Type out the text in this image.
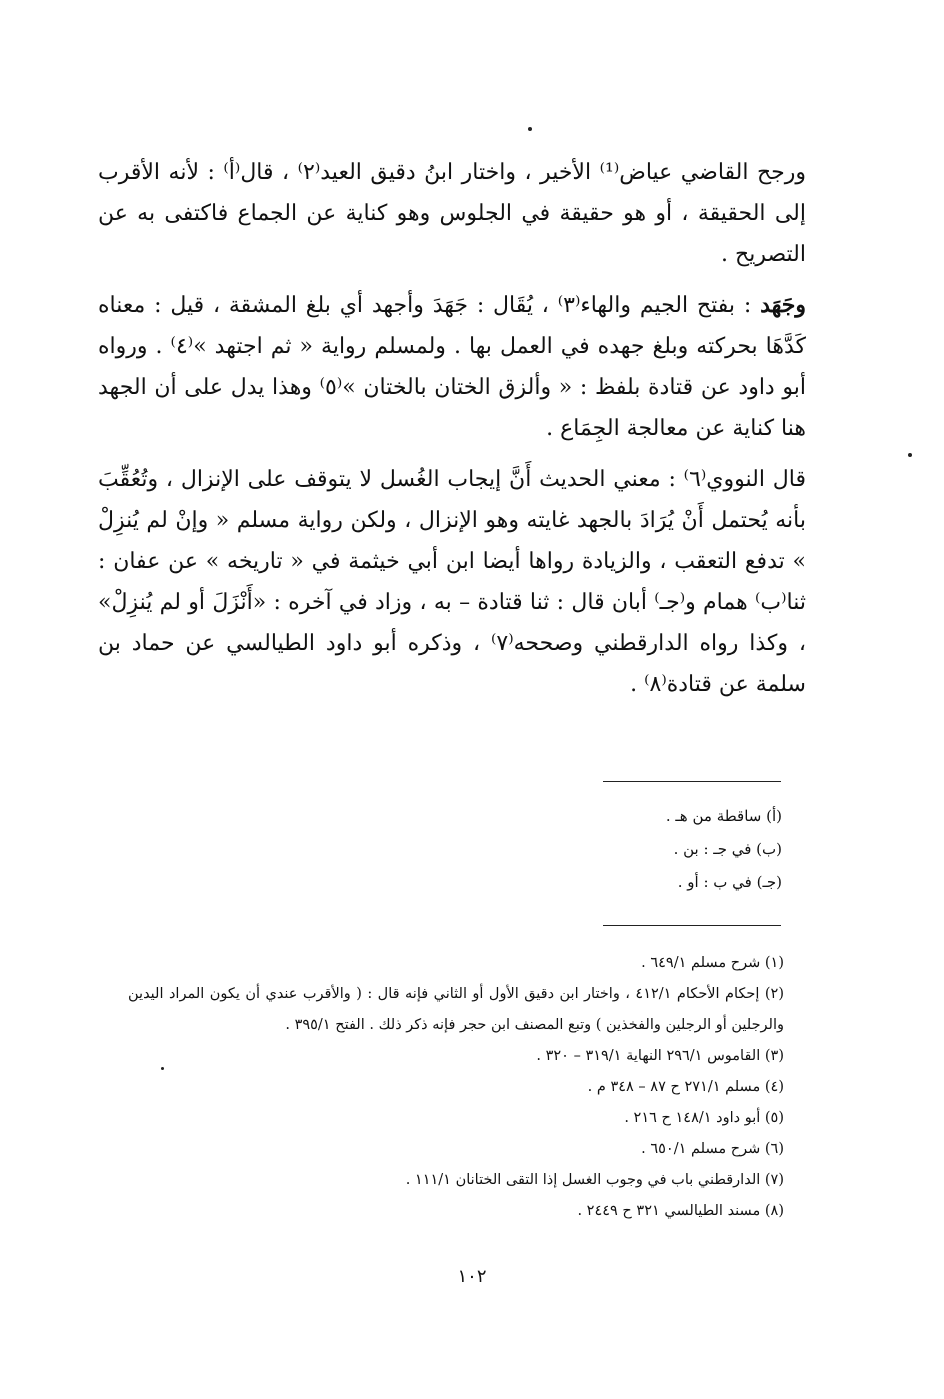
ورجح القاضي عياض⁽¹⁾ الأخير ، واختار ابنُ دقيق العيد⁽٢⁾ ، قال⁽أ⁾ : لأنه الأقرب إلى الحقيقة ، أو هو حقيقة في الجلوس وهو كناية عن الجماع فاكتفى به عن التصريح .

وجَهَد : بفتح الجيم والهاء⁽٣⁾ ، يُقَال : جَهَدَ وأجهد أي بلغ المشقة ، قيل : معناه كَدَّهَا بحركته وبلغ جهده في العمل بها . ولمسلم رواية « ثم اجتهد »⁽٤⁾ . ورواه أبو داود عن قتادة بلفظ : « وألزق الختان بالختان »⁽٥⁾ وهذا يدل على أن الجهد هنا كناية عن معالجة الجِمَاع .

قال النووي⁽٦⁾ : معني الحديث أَنَّ إيجاب الغُسل لا يتوقف على الإنزال ، وتُعُقِّبَ بأنه يُحتمل أَنْ يُرَادَ بالجهد غايته وهو الإنزال ، ولكن رواية مسلم « وإنْ لم يُنزِلْ » تدفع التعقب ، والزيادة رواها أيضا ابن أبي خيثمة في « تاريخه » عن عفان : ثنا⁽ب⁾ همام و⁽جـ⁾ أبان قال : ثنا قتادة – به ، وزاد في آخره : «أَنْزَلَ أو لم يُنزِلْ» ، وكذا رواه الدارقطني وصححه⁽٧⁾ ، وذكره أبو داود الطيالسي عن حماد بن سلمة عن قتادة⁽٨⁾ .

(أ) ساقطة من هـ .
(ب) في جـ : بن .
(جـ) في ب : أو .
(١) شرح مسلم ٦٤٩/١ .
(٢) إحكام الأحكام ٤١٢/١ ، واختار ابن دقيق الأول أو الثاني فإنه قال : ( والأقرب عندي أن يكون المراد اليدين والرجلين أو الرجلين والفخذين ) وتبع المصنف ابن حجر فإنه ذكر ذلك . الفتح ٣٩٥/١ .
(٣) القاموس ٢٩٦/١ النهاية ٣١٩/١ – ٣٢٠ .
(٤) مسلم ٢٧١/١ ح ٨٧ – ٣٤٨ م .
(٥) أبو داود ١٤٨/١ ح ٢١٦ .
(٦) شرح مسلم ٦٥٠/١ .
(٧) الدارقطني باب في وجوب الغسل إذا التقى الختانان ١١١/١ .
(٨) مسند الطيالسي ٣٢١ ح ٢٤٤٩ .
١٠٢
